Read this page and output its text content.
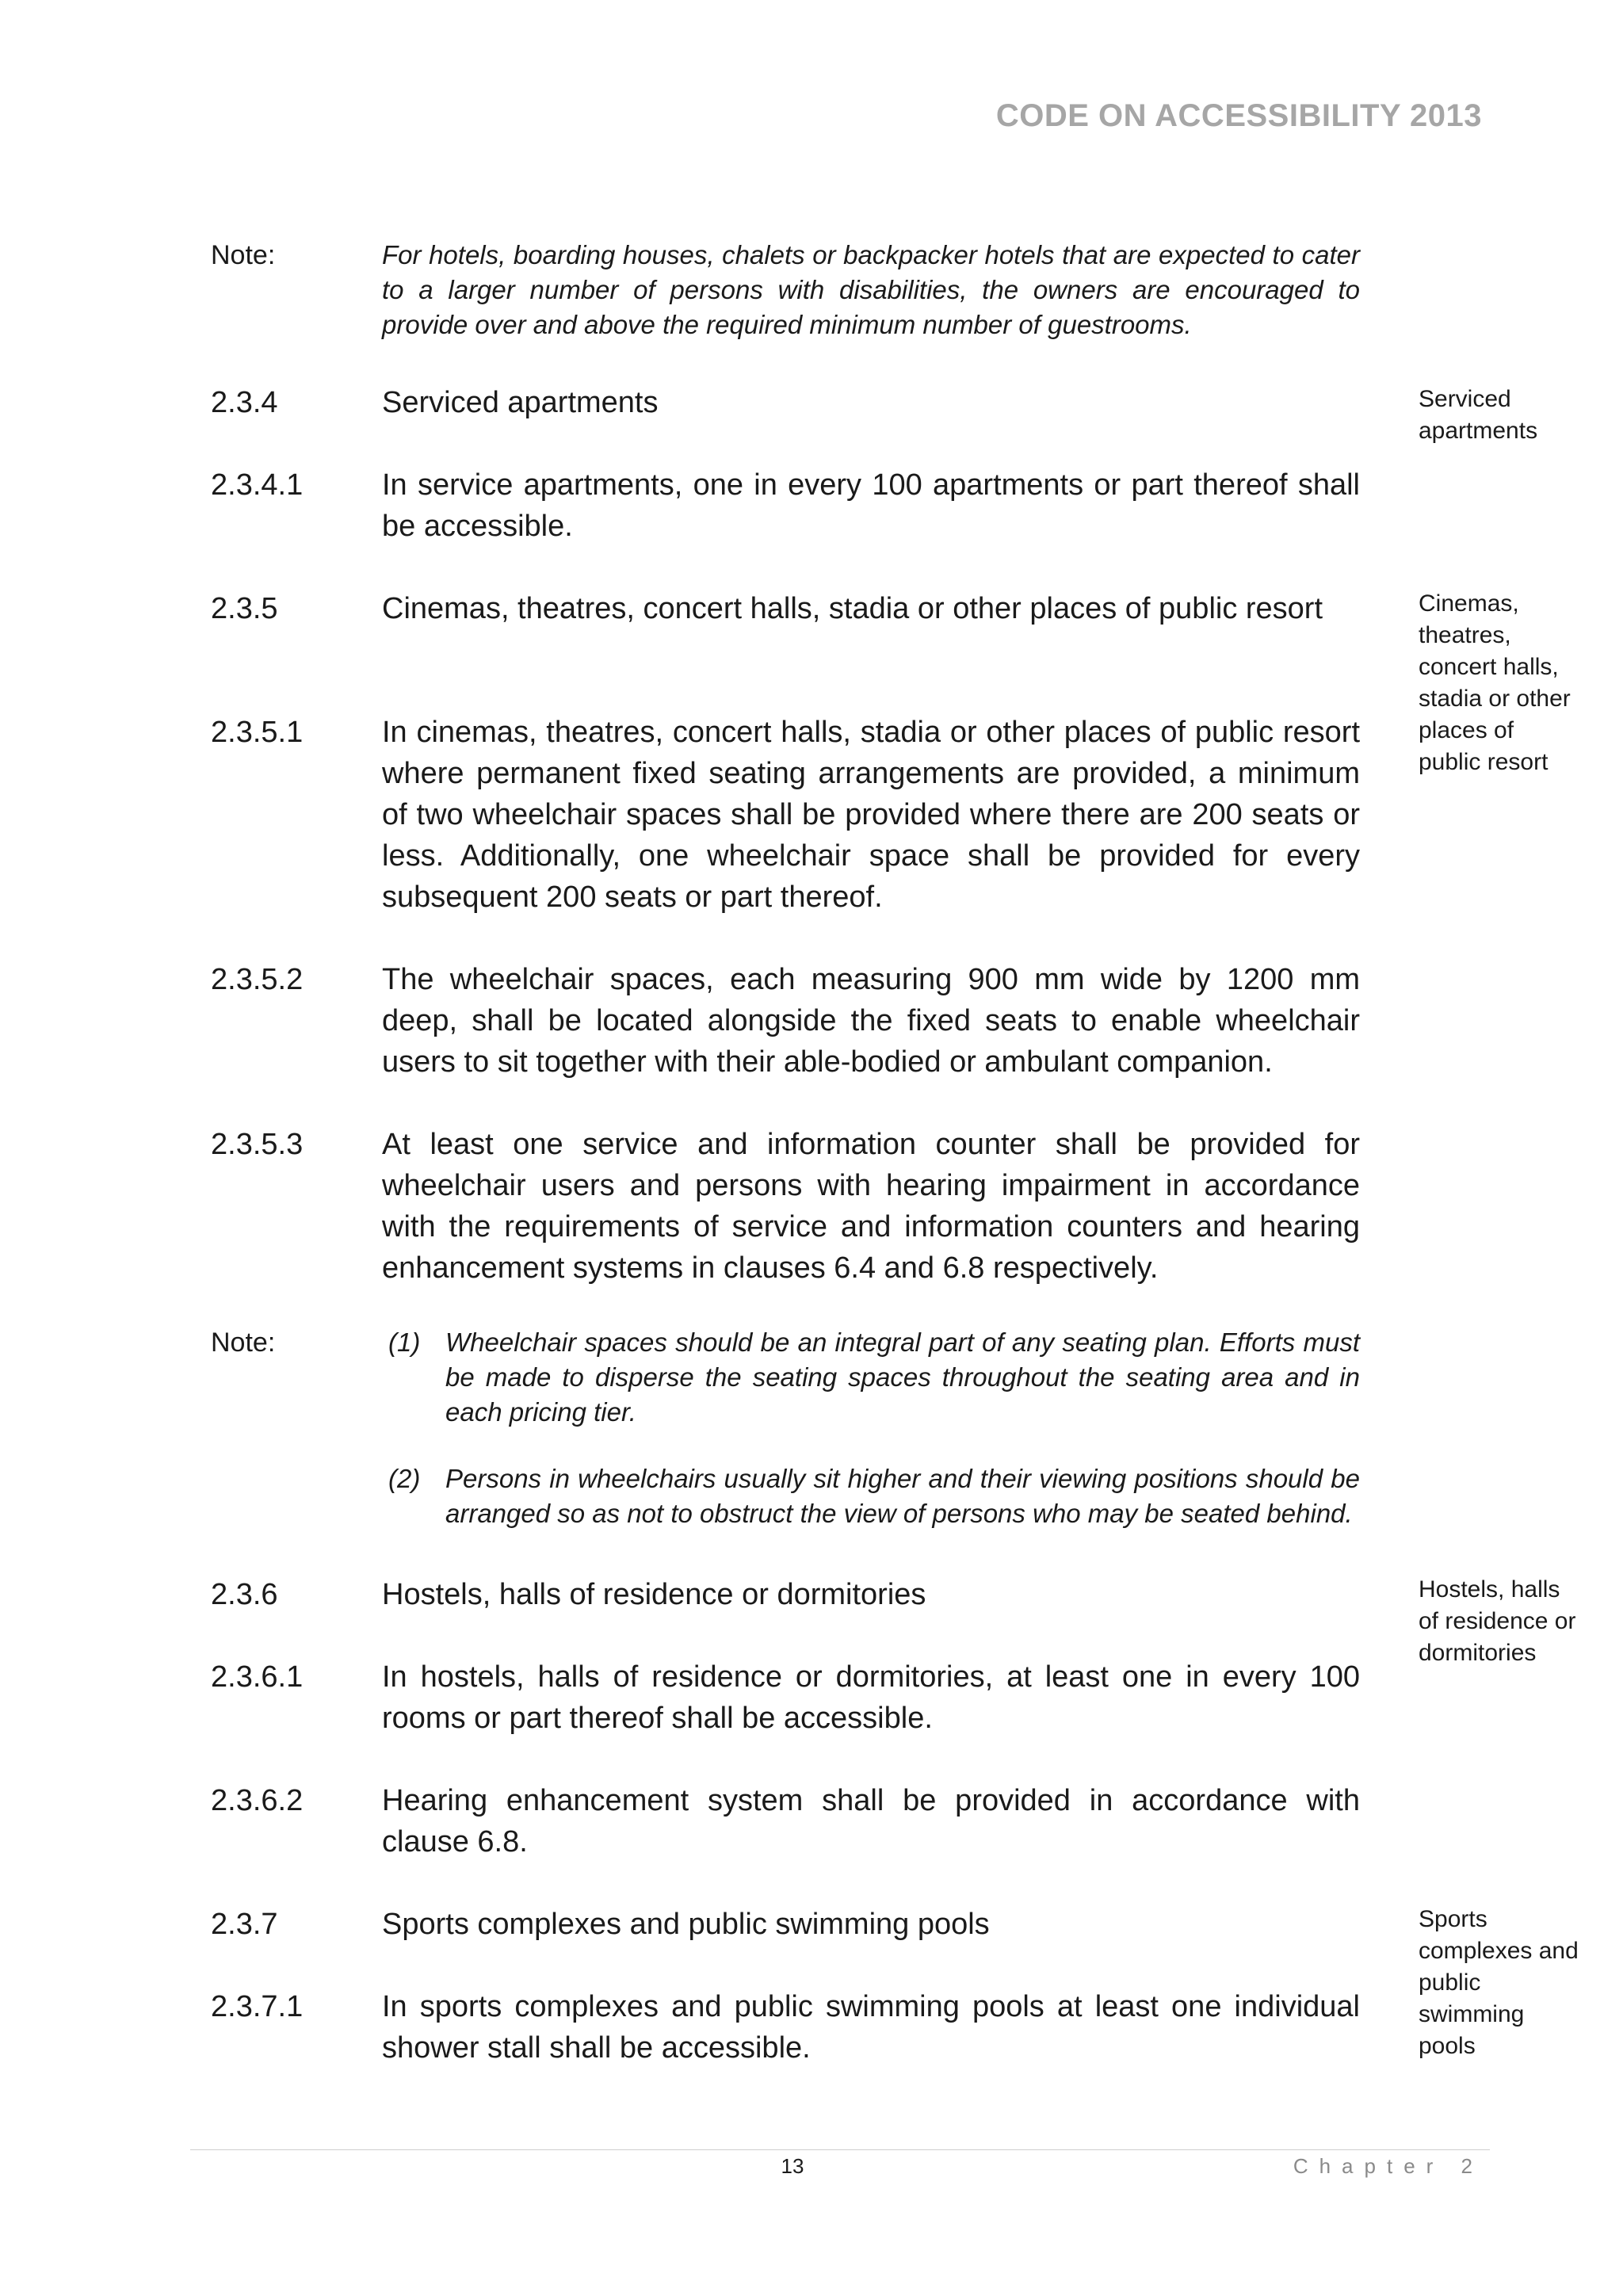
CODE ON ACCESSIBILITY 2013
Note:	For hotels, boarding houses, chalets or backpacker hotels that are expected to cater to a larger number of persons with disabilities, the owners are encouraged to provide over and above the required minimum number of guestrooms.
2.3.4	Serviced apartments	Serviced apartments
2.3.4.1	In service apartments, one in every 100 apartments or part thereof shall be accessible.
2.3.5	Cinemas, theatres, concert halls, stadia or other places of public resort	Cinemas, theatres, concert halls, stadia or other places of public resort
2.3.5.1	In cinemas, theatres, concert halls, stadia or other places of public resort where permanent fixed seating arrangements are provided, a minimum of two wheelchair spaces shall be provided where there are 200 seats or less. Additionally, one wheelchair space shall be provided for every subsequent 200 seats or part thereof.
2.3.5.2	The wheelchair spaces, each measuring 900 mm wide by 1200 mm deep, shall be located alongside the fixed seats to enable wheelchair users to sit together with their able-bodied or ambulant companion.
2.3.5.3	At least one service and information counter shall be provided for wheelchair users and persons with hearing impairment in accordance with the requirements of service and information counters and hearing enhancement systems in clauses 6.4 and 6.8 respectively.
Note:	(1) Wheelchair spaces should be an integral part of any seating plan. Efforts must be made to disperse the seating spaces throughout the seating area and in each pricing tier.
(2) Persons in wheelchairs usually sit higher and their viewing positions should be arranged so as not to obstruct the view of persons who may be seated behind.
2.3.6	Hostels, halls of residence or dormitories	Hostels, halls of residence or dormitories
2.3.6.1	In hostels, halls of residence or dormitories, at least one in every 100 rooms or part thereof shall be accessible.
2.3.6.2	Hearing enhancement system shall be provided in accordance with clause 6.8.
2.3.7	Sports complexes and public swimming pools	Sports complexes and public swimming pools
2.3.7.1	In sports complexes and public swimming pools at least one individual shower stall shall be accessible.
13	Chapter 2
